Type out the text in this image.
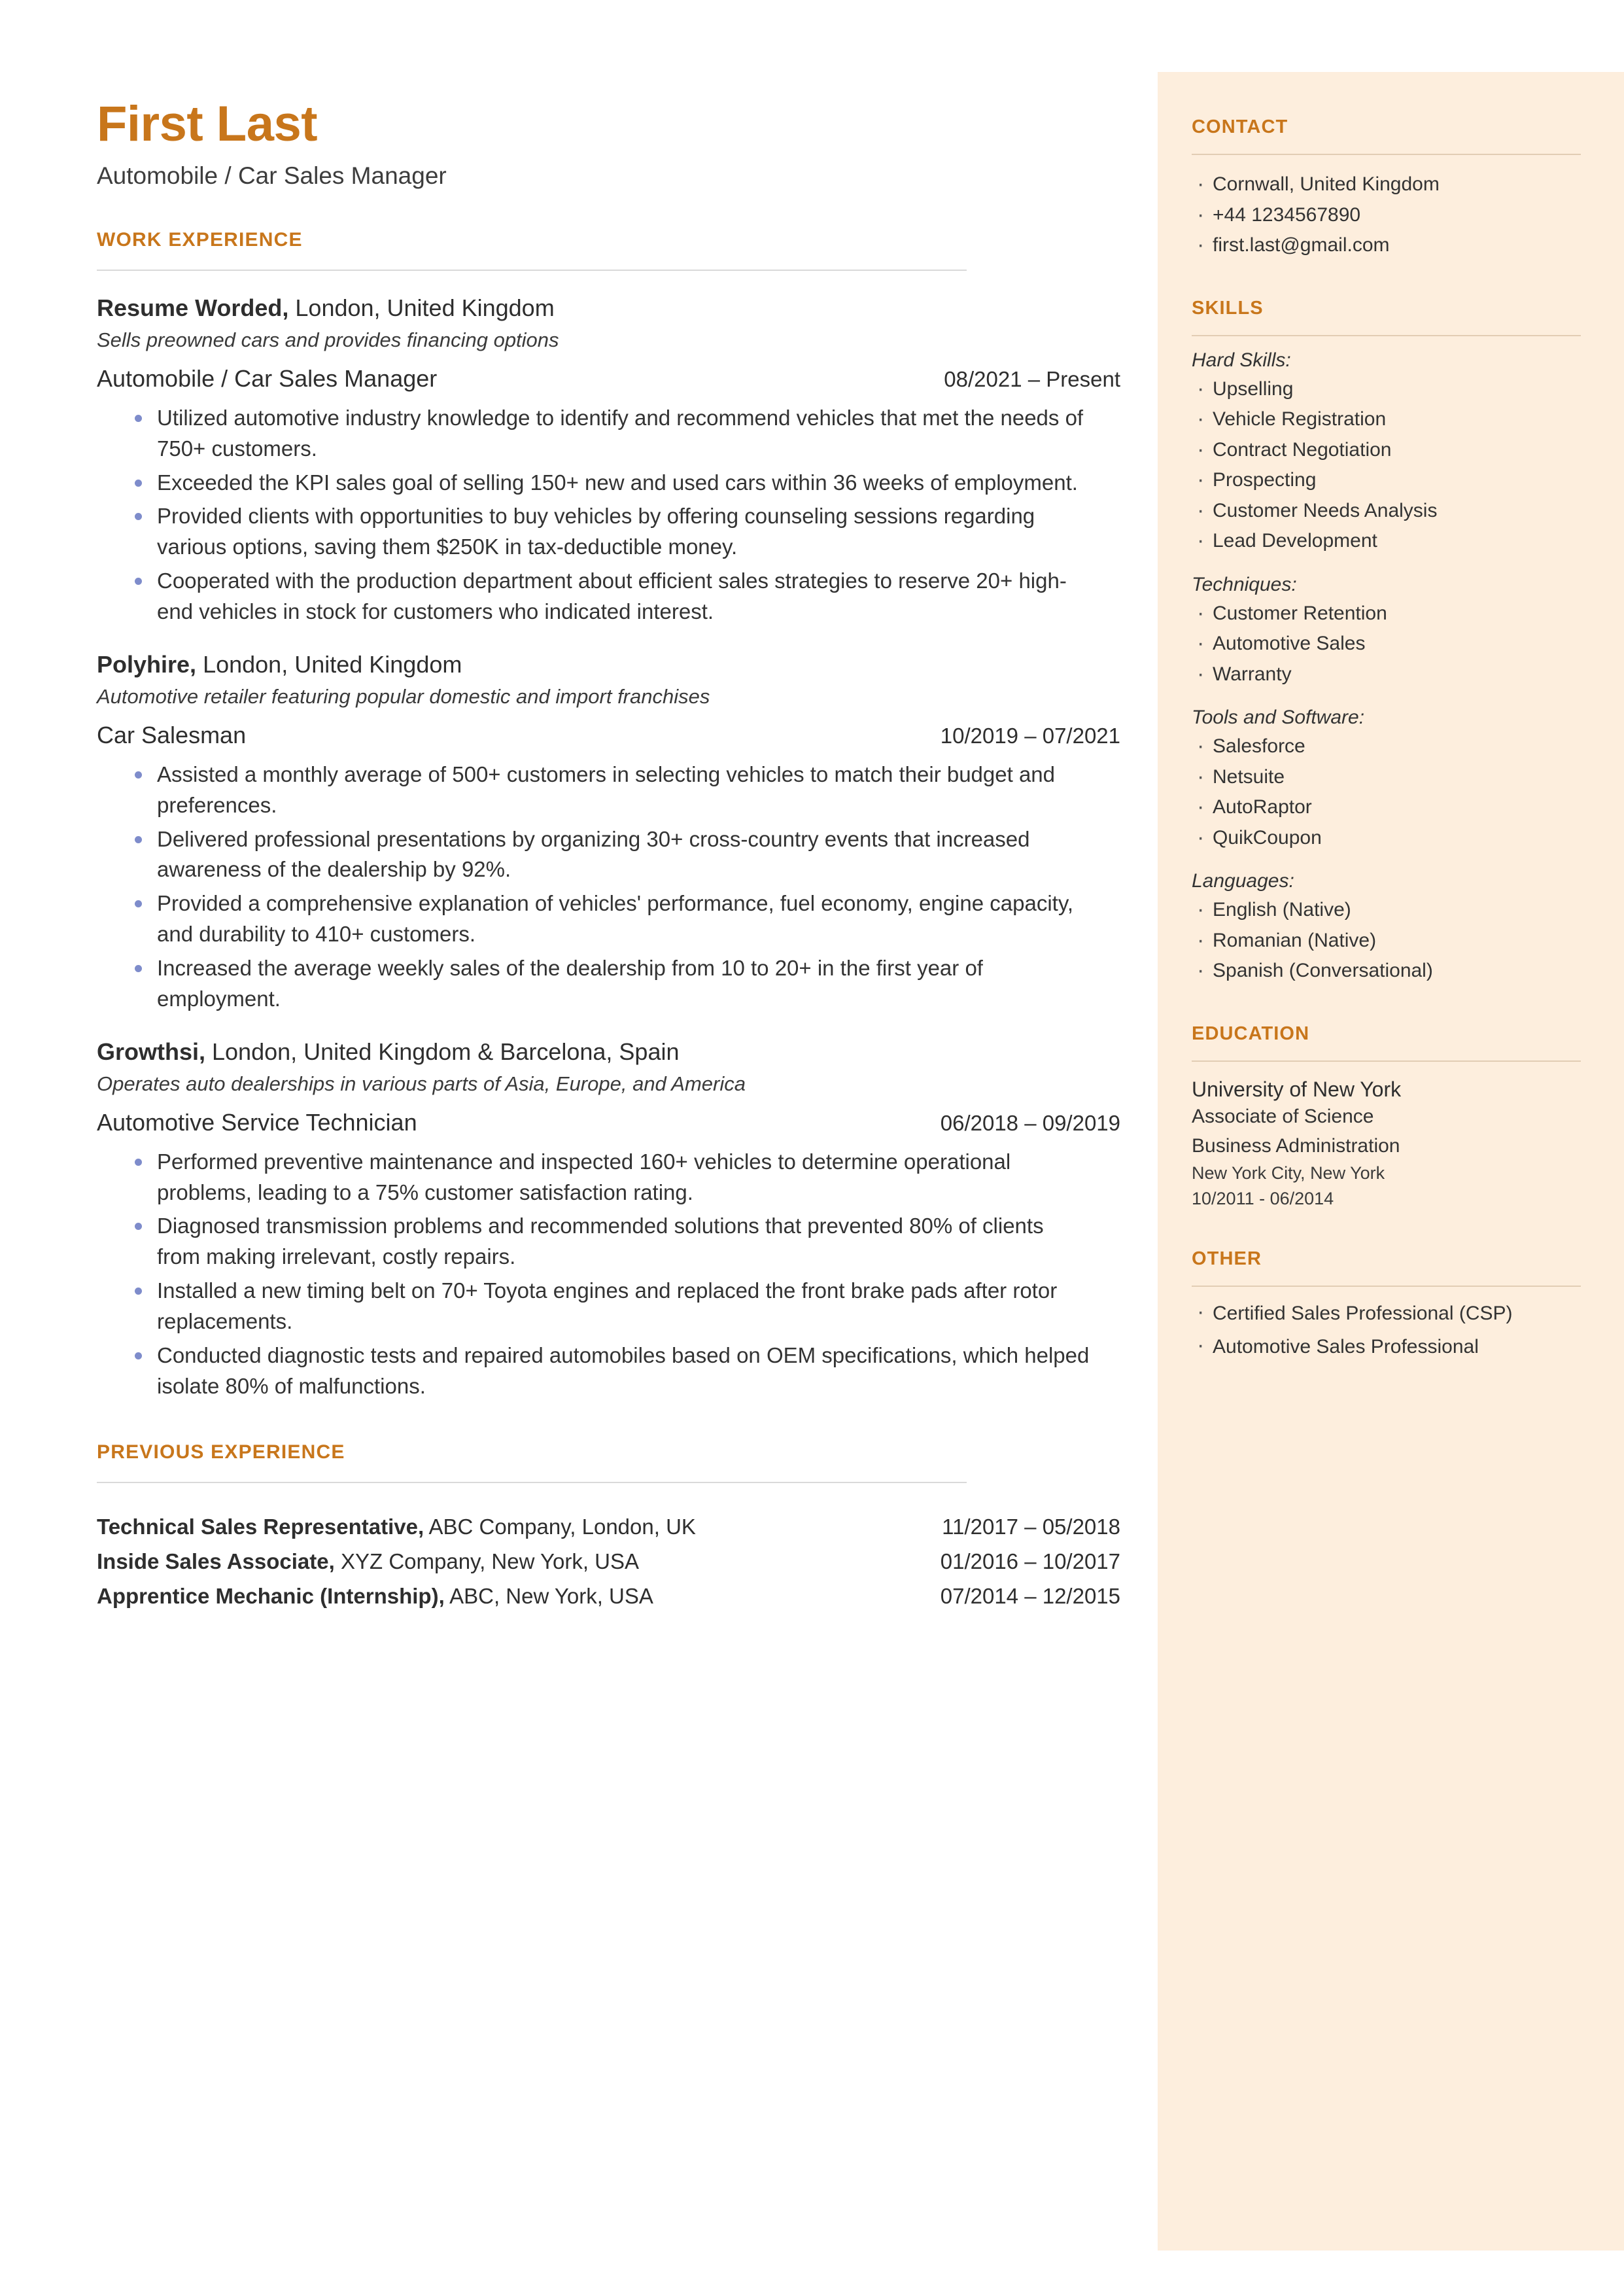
First Last
Automobile / Car Sales Manager
WORK EXPERIENCE
Resume Worded, London, United Kingdom
Sells preowned cars and provides financing options
Automobile / Car Sales Manager	08/2021 – Present
Utilized automotive industry knowledge to identify and recommend vehicles that met the needs of 750+ customers.
Exceeded the KPI sales goal of selling 150+ new and used cars within 36 weeks of employment.
Provided clients with opportunities to buy vehicles by offering counseling sessions regarding various options, saving them $250K in tax-deductible money.
Cooperated with the production department about efficient sales strategies to reserve 20+ high-end vehicles in stock for customers who indicated interest.
Polyhire, London, United Kingdom
Automotive retailer featuring popular domestic and import franchises
Car Salesman	10/2019 – 07/2021
Assisted a monthly average of 500+ customers in selecting vehicles to match their budget and preferences.
Delivered professional presentations by organizing 30+ cross-country events that increased awareness of the dealership by 92%.
Provided a comprehensive explanation of vehicles' performance, fuel economy, engine capacity, and durability to 410+ customers.
Increased the average weekly sales of the dealership from 10 to 20+ in the first year of employment.
Growthsi, London, United Kingdom & Barcelona, Spain
Operates auto dealerships in various parts of Asia, Europe, and America
Automotive Service Technician	06/2018 – 09/2019
Performed preventive maintenance and inspected 160+ vehicles to determine operational problems, leading to a 75% customer satisfaction rating.
Diagnosed transmission problems and recommended solutions that prevented 80% of clients from making irrelevant, costly repairs.
Installed a new timing belt on 70+ Toyota engines and replaced the front brake pads after rotor replacements.
Conducted diagnostic tests and repaired automobiles based on OEM specifications, which helped isolate 80% of malfunctions.
PREVIOUS EXPERIENCE
Technical Sales Representative, ABC Company, London, UK	11/2017 – 05/2018
Inside Sales Associate, XYZ Company, New York, USA	01/2016 – 10/2017
Apprentice Mechanic (Internship), ABC, New York, USA	07/2014 – 12/2015
CONTACT
· Cornwall, United Kingdom
· +44 1234567890
· first.last@gmail.com
SKILLS
Hard Skills:
· Upselling
· Vehicle Registration
· Contract Negotiation
· Prospecting
· Customer Needs Analysis
· Lead Development
Techniques:
· Customer Retention
· Automotive Sales
· Warranty
Tools and Software:
· Salesforce
· Netsuite
· AutoRaptor
· QuikCoupon
Languages:
· English (Native)
· Romanian (Native)
· Spanish (Conversational)
EDUCATION
University of New York
Associate of Science
Business Administration
New York City, New York
10/2011 - 06/2014
OTHER
· Certified Sales Professional (CSP)
· Automotive Sales Professional
